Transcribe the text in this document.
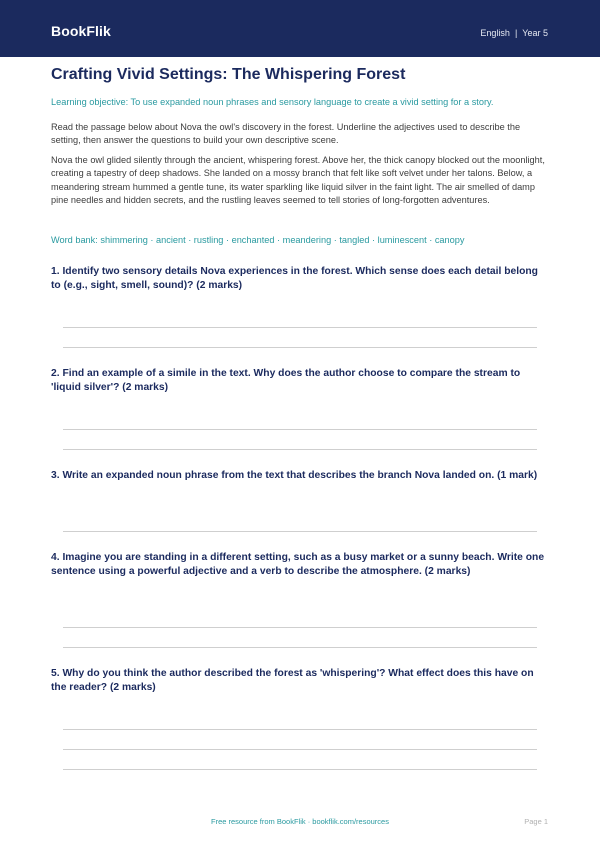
BookFlik	English | Year 5
Crafting Vivid Settings: The Whispering Forest
Learning objective: To use expanded noun phrases and sensory language to create a vivid setting for a story.
Read the passage below about Nova the owl's discovery in the forest. Underline the adjectives used to describe the setting, then answer the questions to build your own descriptive scene.
Nova the owl glided silently through the ancient, whispering forest. Above her, the thick canopy blocked out the moonlight, creating a tapestry of deep shadows. She landed on a mossy branch that felt like soft velvet under her talons. Below, a meandering stream hummed a gentle tune, its water sparkling like liquid silver in the faint light. The air smelled of damp pine needles and hidden secrets, and the rustling leaves seemed to tell stories of long-forgotten adventures.
Word bank: shimmering · ancient · rustling · enchanted · meandering · tangled · luminescent · canopy
1. Identify two sensory details Nova experiences in the forest. Which sense does each detail belong to (e.g., sight, smell, sound)? (2 marks)
2. Find an example of a simile in the text. Why does the author choose to compare the stream to 'liquid silver'? (2 marks)
3. Write an expanded noun phrase from the text that describes the branch Nova landed on. (1 mark)
4. Imagine you are standing in a different setting, such as a busy market or a sunny beach. Write one sentence using a powerful adjective and a verb to describe the atmosphere. (2 marks)
5. Why do you think the author described the forest as 'whispering'? What effect does this have on the reader? (2 marks)
Free resource from BookFlik · bookflik.com/resources	Page 1
